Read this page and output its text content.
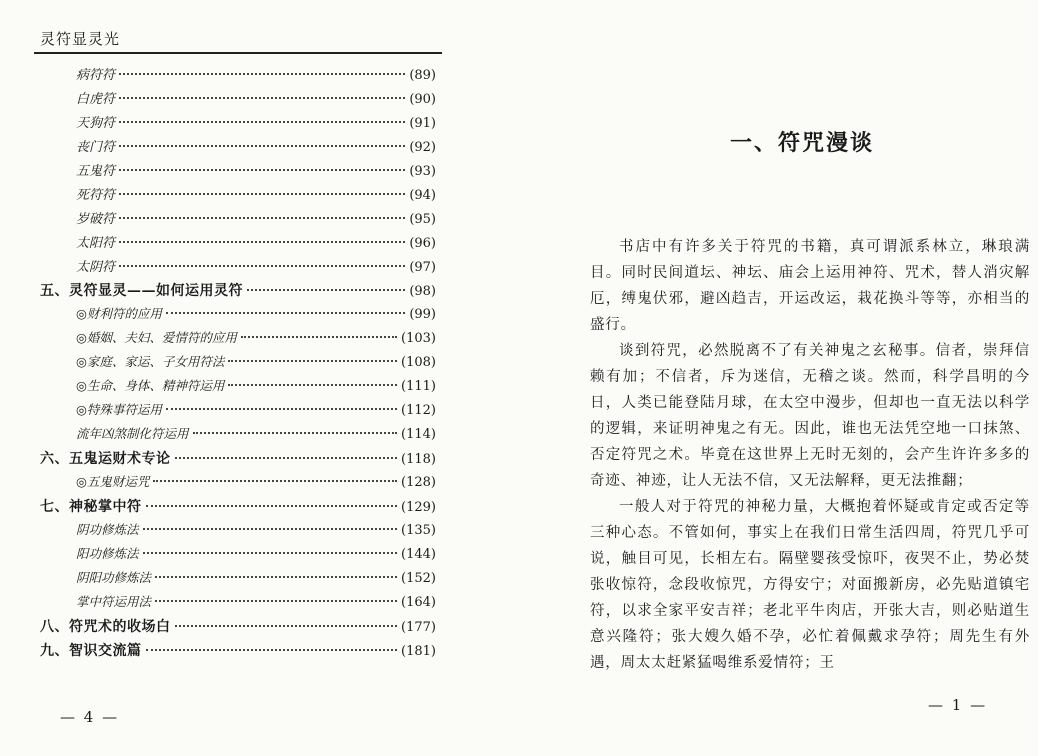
灵符显灵光
病符符	(89)
白虎符	(90)
天狗符	(91)
丧门符	(92)
五鬼符	(93)
死符符	(94)
岁破符	(95)
太阳符	(96)
太阴符	(97)
五、灵符显灵——如何运用灵符	(98)
◎财利符的应用	(99)
◎婚姻、夫妇、爱情符的应用	(103)
◎家庭、家运、子女用符法	(108)
◎生命、身体、精神符运用	(111)
◎特殊事符运用	(112)
流年凶煞制化符运用	(114)
六、五鬼运财术专论	(118)
◎五鬼财运咒	(128)
七、神秘掌中符	(129)
阴功修炼法	(135)
阳功修炼法	(144)
阴阳功修炼法	(152)
掌中符运用法	(164)
八、符咒术的收场白	(177)
九、智识交流篇	(181)
— 4 —
一、符咒漫谈

书店中有许多关于符咒的书籍，真可谓派系林立，琳琅满目。同时民间道坛、神坛、庙会上运用神符、咒术，替人消灾解厄，缚鬼伏邪，避凶趋吉，开运改运，栽花换斗等等，亦相当的盛行。

谈到符咒，必然脱离不了有关神鬼之玄秘事。信者，崇拜信赖有加；不信者，斥为迷信，无稽之谈。然而，科学昌明的今日，人类已能登陆月球，在太空中漫步，但却也一直无法以科学的逻辑，来证明神鬼之有无。因此，谁也无法凭空地一口抹煞、否定符咒之术。毕竟在这世界上无时无刻的，会产生许许多多的奇迹、神迹，让人无法不信，又无法解释，更无法推翻；

一般人对于符咒的神秘力量，大概抱着怀疑或肯定或否定等三种心态。不管如何，事实上在我们日常生活四周，符咒几乎可说，触目可见，长相左右。隔壁婴孩受惊吓，夜哭不止，势必焚张收惊符，念段收惊咒，方得安宁；对面搬新房，必先贴道镇宅符，以求全家平安吉祥；老北平牛肉店，开张大吉，则必贴道生意兴隆符；张大嫂久婚不孕，必忙着佩戴求孕符；周先生有外遇，周太太赶紧猛喝维系爱情符；王

— 1 —
